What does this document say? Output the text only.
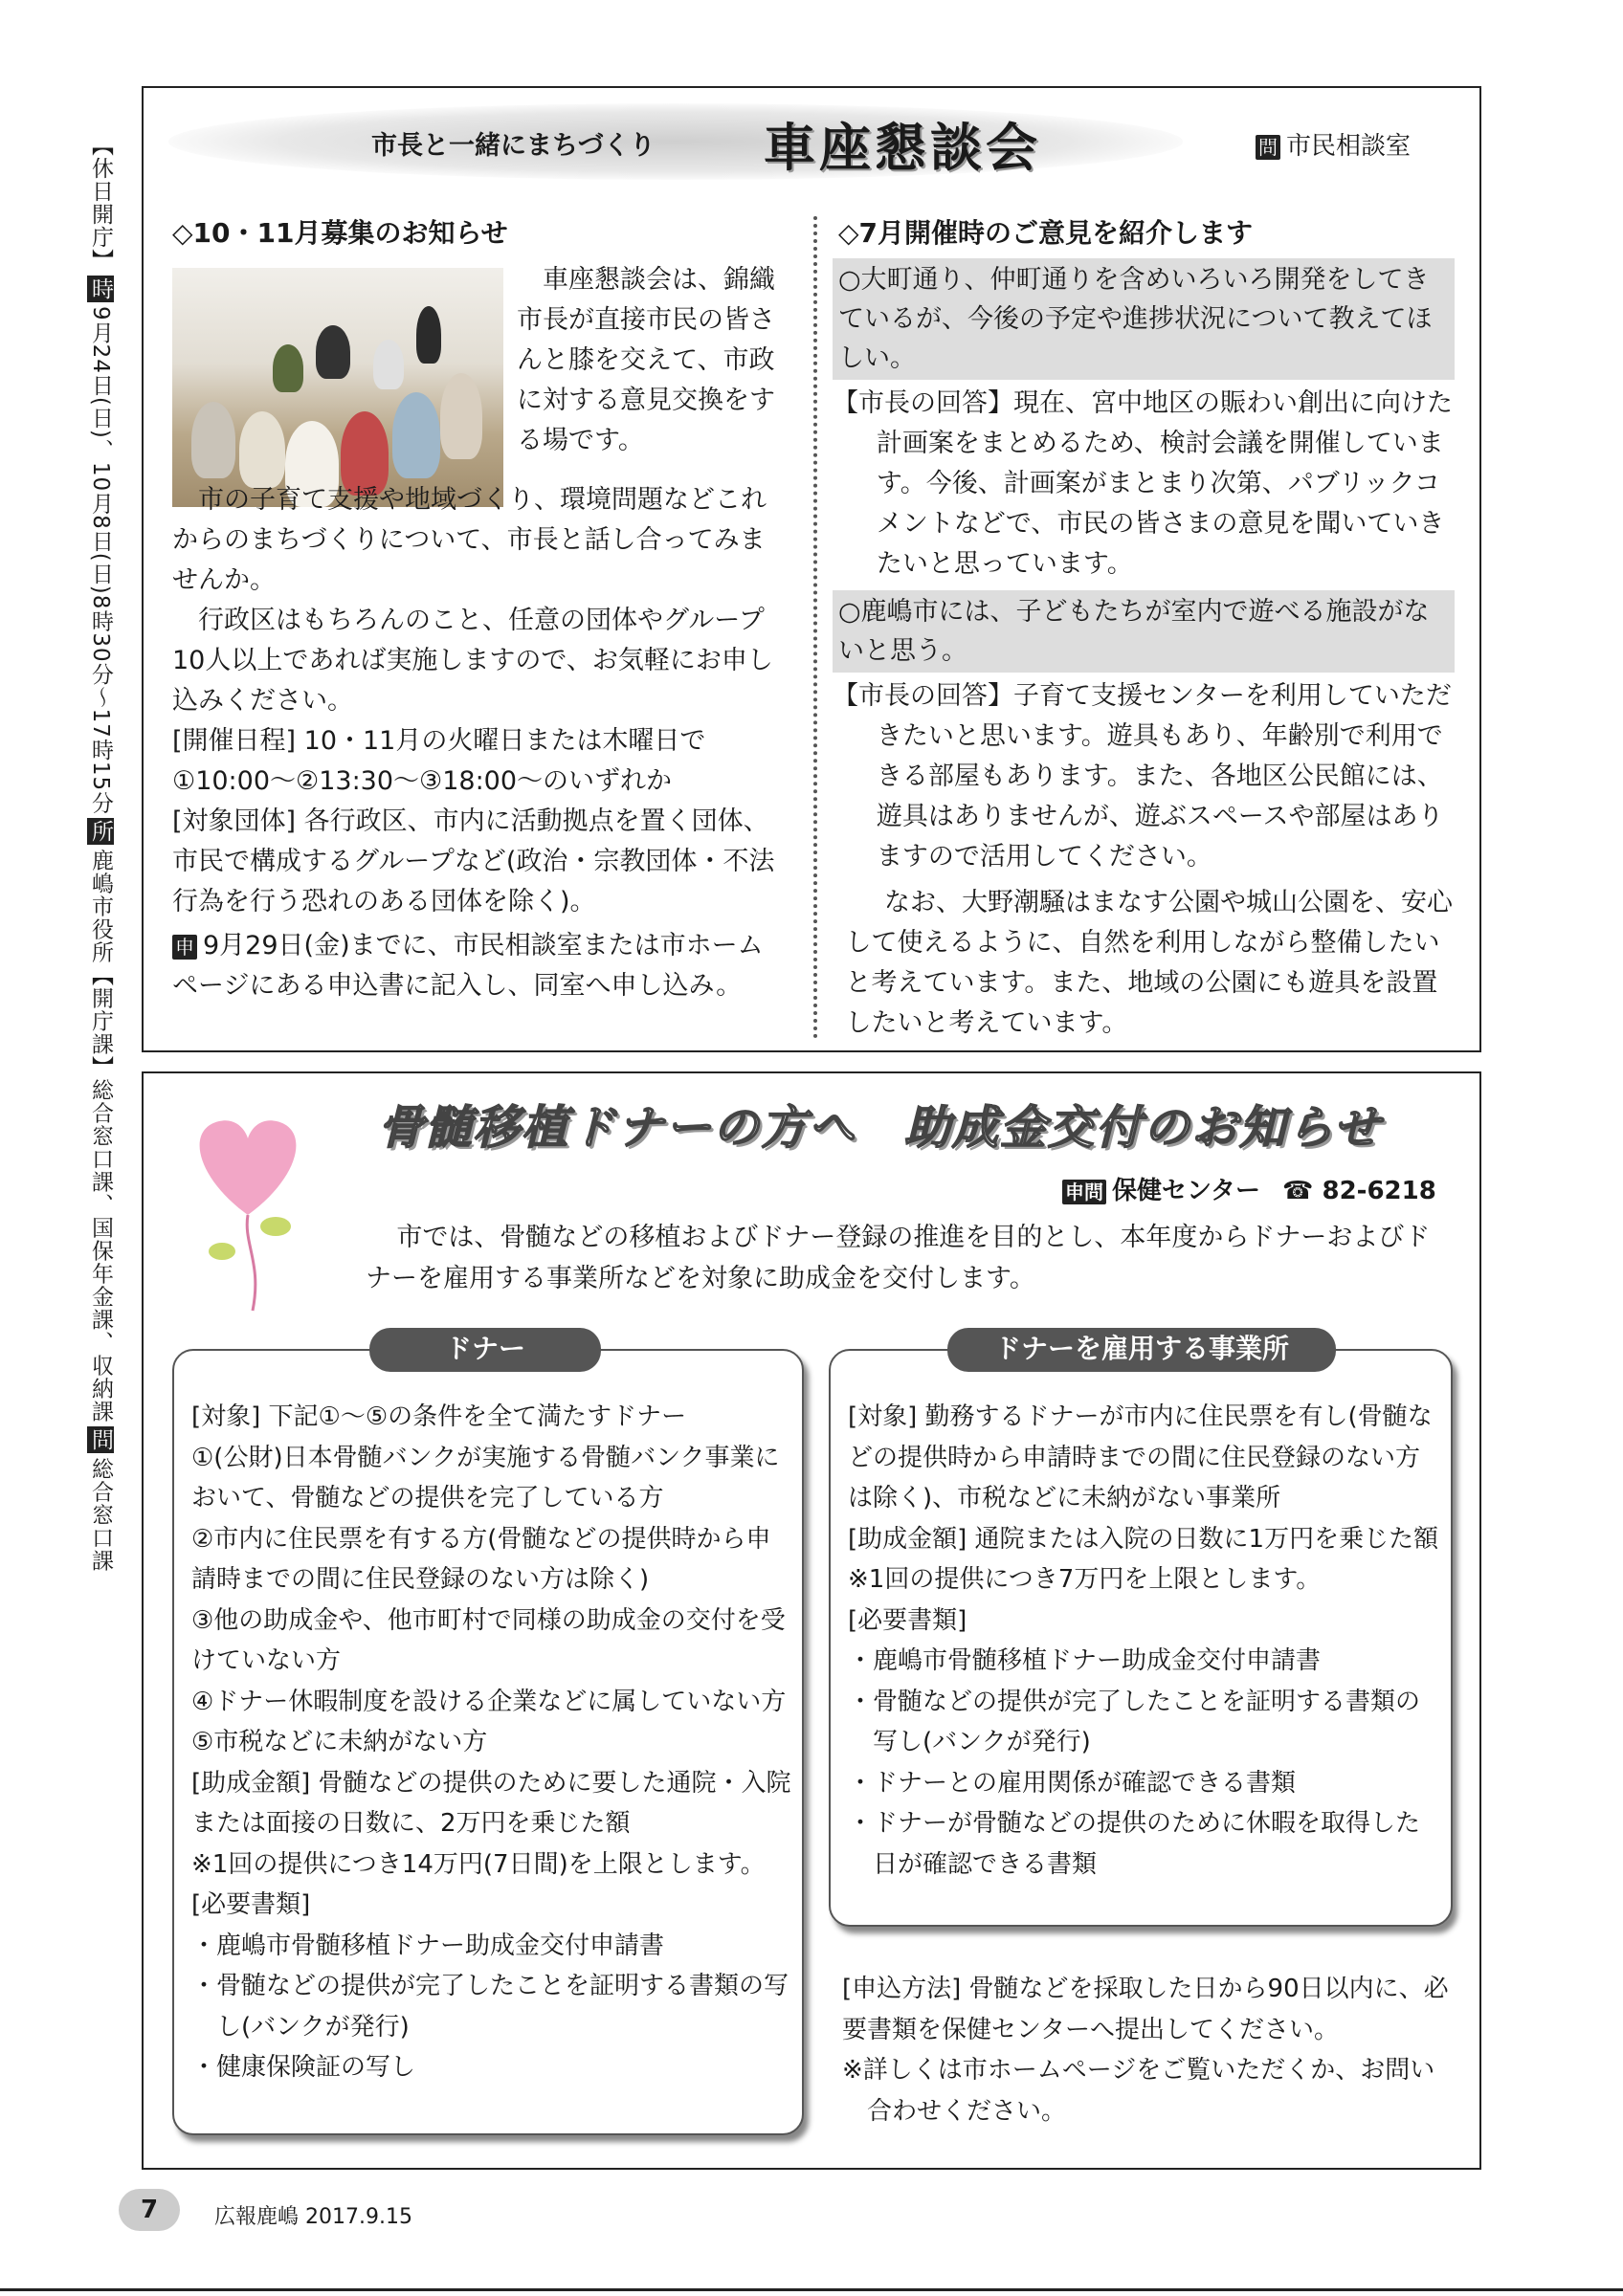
【休日開庁】時9月24日(日)、10月8日(日)8時30分～17時15分所鹿嶋市役所【開庁課】総合窓口課、国保年金課、収納課問総合窓口課
市長と一緒にまちづくり 車座懇談会	問 市民相談室
◇10・11月募集のお知らせ	◇7月開催時のご意見を紹介します

車座懇談会は、錦織市長が直接市民の皆さんと膝を交えて、市政に対する意見交換をする場です。

市の子育て支援や地域づくり、環境問題などこれからのまちづくりについて、市長と話し合ってみませんか。

行政区はもちろんのこと、任意の団体やグループ10人以上であれば実施しますので、お気軽にお申し込みください。

[開催日程] 10・11月の火曜日または木曜日で①10:00～②13:30～③18:00～のいずれか

[対象団体] 各行政区、市内に活動拠点を置く団体、市民で構成するグループなど(政治・宗教団体・不法行為を行う恐れのある団体を除く)。

申 9月29日(金)までに、市民相談室または市ホームページにある申込書に記入し、同室へ申し込み。

○大町通り、仲町通りを含めいろいろ開発をしてきているが、今後の予定や進捗状況について教えてほしい。

【市長の回答】現在、宮中地区の賑わい創出に向けた計画案をまとめるため、検討会議を開催しています。今後、計画案がまとまり次第、パブリックコメントなどで、市民の皆さまの意見を聞いていきたいと思っています。

○鹿嶋市には、子どもたちが室内で遊べる施設がないと思う。

【市長の回答】子育て支援センターを利用していただきたいと思います。遊具もあり、年齢別で利用できる部屋もあります。また、各地区公民館には、遊具はありませんが、遊ぶスペースや部屋はありますので活用してください。

なお、大野潮騒はまなす公園や城山公園を、安心して使えるように、自然を利用しながら整備したいと考えています。また、地域の公園にも遊具を設置したいと考えています。

骨髄移植ドナーの方へ　助成金交付のお知らせ
申問 保健センター ☎ 82-6218
市では、骨髄などの移植およびドナー登録の推進を目的とし、本年度からドナーおよびドナーを雇用する事業所などを対象に助成金を交付します。
ドナー	ドナーを雇用する事業所

[対象] 下記①～⑤の条件を全て満たすドナー

①(公財)日本骨髄バンクが実施する骨髄バンク事業において、骨髄などの提供を完了している方

②市内に住民票を有する方(骨髄などの提供時から申請時までの間に住民登録のない方は除く)

③他の助成金や、他市町村で同様の助成金の交付を受けていない方

④ドナー休暇制度を設ける企業などに属していない方

⑤市税などに未納がない方

[助成金額] 骨髄などの提供のために要した通院・入院または面接の日数に、2万円を乗じた額

※1回の提供につき14万円(7日間)を上限とします。

[必要書類]

・鹿嶋市骨髄移植ドナー助成金交付申請書

・骨髄などの提供が完了したことを証明する書類の写し(バンクが発行)

・健康保険証の写し

[対象] 勤務するドナーが市内に住民票を有し(骨髄などの提供時から申請時までの間に住民登録のない方は除く)、市税などに未納がない事業所

[助成金額] 通院または入院の日数に1万円を乗じた額

※1回の提供につき7万円を上限とします。

[必要書類]

・鹿嶋市骨髄移植ドナー助成金交付申請書

・骨髄などの提供が完了したことを証明する書類の写し(バンクが発行)

・ドナーとの雇用関係が確認できる書類

・ドナーが骨髄などの提供のために休暇を取得した日が確認できる書類

[申込方法] 骨髄などを採取した日から90日以内に、必要書類を保健センターへ提出してください。

※詳しくは市ホームページをご覧いただくか、お問い合わせください。

7	広報鹿嶋 2017.9.15
